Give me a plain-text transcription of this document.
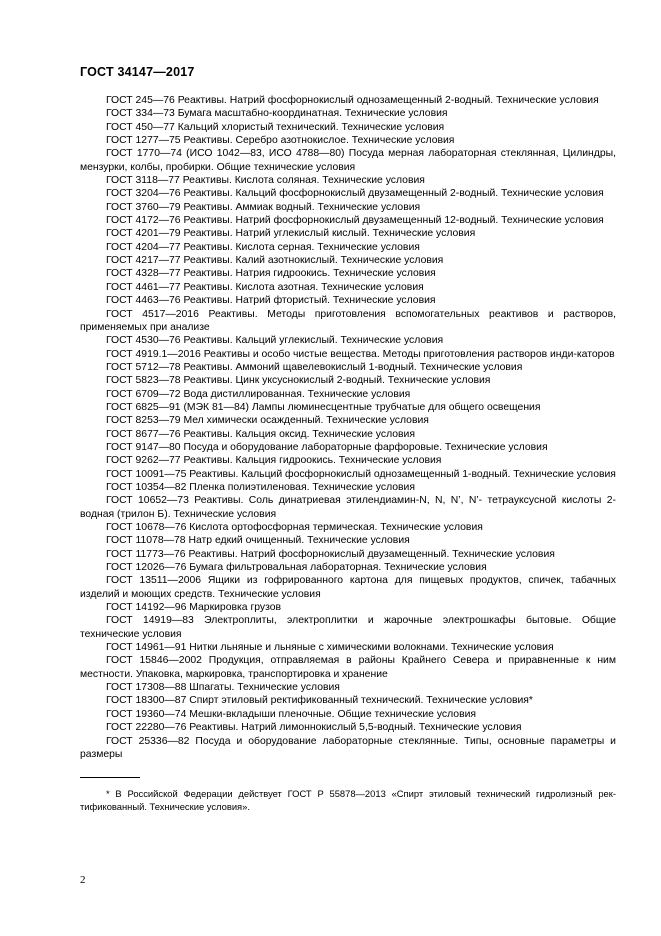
ГОСТ 34147—2017

ГОСТ 245—76 Реактивы. Натрий фосфорнокислый однозамещенный 2-водный. Технические условия

ГОСТ 334—73 Бумага масштабно-координатная. Технические условия

ГОСТ 450—77 Кальций хлористый технический. Технические условия

ГОСТ 1277—75 Реактивы. Серебро азотнокислое. Технические условия

ГОСТ 1770—74 (ИСО 1042—83, ИСО 4788—80) Посуда мерная лабораторная стеклянная, Цилиндры, мензурки, колбы, пробирки. Общие технические условия

ГОСТ 3118—77 Реактивы. Кислота соляная. Технические условия

ГОСТ 3204—76 Реактивы. Кальций фосфорнокислый двузамещенный 2-водный. Технические условия

ГОСТ 3760—79 Реактивы. Аммиак водный. Технические условия

ГОСТ 4172—76 Реактивы. Натрий фосфорнокислый двузамещенный 12-водный. Технические условия

ГОСТ 4201—79 Реактивы. Натрий углекислый кислый. Технические условия

ГОСТ 4204—77 Реактивы. Кислота серная. Технические условия

ГОСТ 4217—77 Реактивы. Калий азотнокислый. Технические условия

ГОСТ 4328—77 Реактивы. Натрия гидроокись. Технические условия

ГОСТ 4461—77 Реактивы. Кислота азотная. Технические условия

ГОСТ 4463—76 Реактивы. Натрий фтористый. Технические условия

ГОСТ 4517—2016 Реактивы. Методы приготовления вспомогательных реактивов и растворов, применяемых при анализе

ГОСТ 4530—76 Реактивы. Кальций углекислый. Технические условия

ГОСТ 4919.1—2016 Реактивы и особо чистые вещества. Методы приготовления растворов инди-каторов

ГОСТ 5712—78 Реактивы. Аммоний щавелевокислый 1-водный. Технические условия

ГОСТ 5823—78 Реактивы. Цинк уксуснокислый 2-водный. Технические условия

ГОСТ 6709—72 Вода дистиллированная. Технические условия

ГОСТ 6825—91 (МЭК 81—84) Лампы люминесцентные трубчатые для общего освещения

ГОСТ 8253—79 Мел химически осажденный. Технические условия

ГОСТ 8677—76 Реактивы. Кальция оксид. Технические условия

ГОСТ 9147—80 Посуда и оборудование лабораторные фарфоровые. Технические условия

ГОСТ 9262—77 Реактивы. Кальция гидроокись. Технические условия

ГОСТ 10091—75 Реактивы. Кальций фосфорнокислый однозамещенный 1-водный. Технические условия

ГОСТ 10354—82 Пленка полиэтиленовая. Технические условия

ГОСТ 10652—73 Реактивы. Соль динатриевая этилендиамин-N, N, N’, N’- тетрауксусной кислоты 2-водная (трилон Б). Технические условия

ГОСТ 10678—76 Кислота ортофосфорная термическая. Технические условия

ГОСТ 11078—78 Натр едкий очищенный. Технические условия

ГОСТ 11773—76 Реактивы. Натрий фосфорнокислый двузамещенный. Технические условия

ГОСТ 12026—76 Бумага фильтровальная лабораторная. Технические условия

ГОСТ 13511—2006 Ящики из гофрированного картона для пищевых продуктов, спичек, табачных изделий и моющих средств. Технические условия

ГОСТ 14192—96 Маркировка грузов

ГОСТ 14919—83 Электроплиты, электроплитки и жарочные электрошкафы бытовые. Общие технические условия

ГОСТ 14961—91 Нитки льняные и льняные с химическими волокнами. Технические условия

ГОСТ 15846—2002 Продукция, отправляемая в районы Крайнего Севера и приравненные к ним местности. Упаковка, маркировка, транспортировка и хранение

ГОСТ 17308—88 Шпагаты. Технические условия

ГОСТ 18300—87 Спирт этиловый ректификованный технический. Технические условия*

ГОСТ 19360—74 Мешки-вкладыши пленочные. Общие технические условия

ГОСТ 22280—76 Реактивы. Натрий лимоннокислый 5,5-водный. Технические условия

ГОСТ 25336—82 Посуда и оборудование лабораторные стеклянные. Типы, основные параметры и размеры

* В Российской Федерации действует ГОСТ Р 55878—2013 «Спирт этиловый технический гидролизный рек-тификованный. Технические условия».

2
